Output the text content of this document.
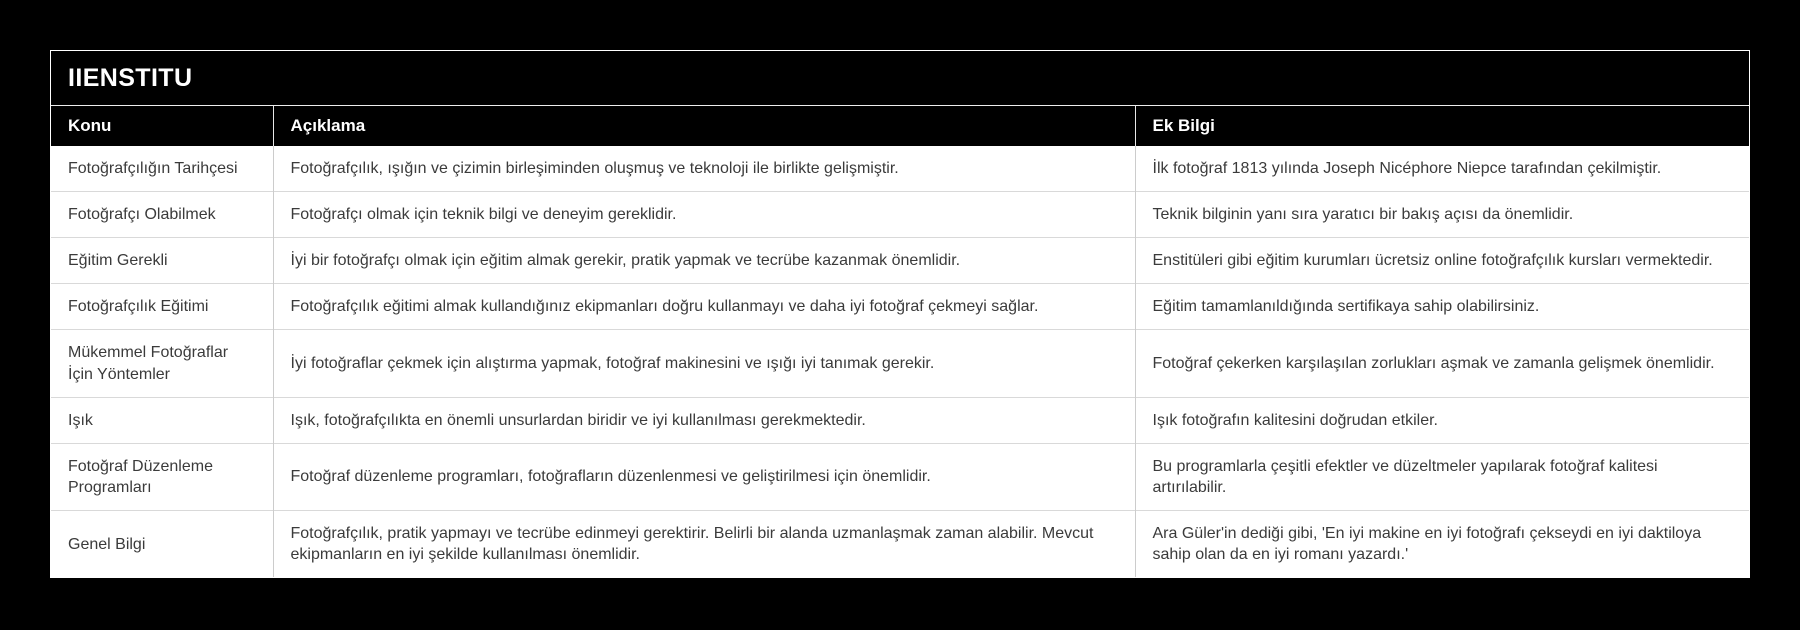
IIENSTITU
Konu	Açıklama	Ek Bilgi
Fotoğrafçılığın Tarihçesi	Fotoğrafçılık, ışığın ve çizimin birleşiminden oluşmuş ve teknoloji ile birlikte gelişmiştir.	İlk fotoğraf 1813 yılında Joseph Nicéphore Niepce tarafından çekilmiştir.
Fotoğrafçı Olabilmek	Fotoğrafçı olmak için teknik bilgi ve deneyim gereklidir.	Teknik bilginin yanı sıra yaratıcı bir bakış açısı da önemlidir.
Eğitim Gerekli	İyi bir fotoğrafçı olmak için eğitim almak gerekir, pratik yapmak ve tecrübe kazanmak önemlidir.	Enstitüleri gibi eğitim kurumları ücretsiz online fotoğrafçılık kursları vermektedir.
Fotoğrafçılık Eğitimi	Fotoğrafçılık eğitimi almak kullandığınız ekipmanları doğru kullanmayı ve daha iyi fotoğraf çekmeyi sağlar.	Eğitim tamamlanıldığında sertifikaya sahip olabilirsiniz.
Mükemmel Fotoğraflar İçin Yöntemler	İyi fotoğraflar çekmek için alıştırma yapmak, fotoğraf makinesini ve ışığı iyi tanımak gerekir.	Fotoğraf çekerken karşılaşılan zorlukları aşmak ve zamanla gelişmek önemlidir.
Işık	Işık, fotoğrafçılıkta en önemli unsurlardan biridir ve iyi kullanılması gerekmektedir.	Işık fotoğrafın kalitesini doğrudan etkiler.
Fotoğraf Düzenleme Programları	Fotoğraf düzenleme programları, fotoğrafların düzenlenmesi ve geliştirilmesi için önemlidir.	Bu programlarla çeşitli efektler ve düzeltmeler yapılarak fotoğraf kalitesi artırılabilir.
Genel Bilgi	Fotoğrafçılık, pratik yapmayı ve tecrübe edinmeyi gerektirir. Belirli bir alanda uzmanlaşmak zaman alabilir. Mevcut ekipmanların en iyi şekilde kullanılması önemlidir.	Ara Güler'in dediği gibi, 'En iyi makine en iyi fotoğrafı çekseydi en iyi daktiloya sahip olan da en iyi romanı yazardı.'
